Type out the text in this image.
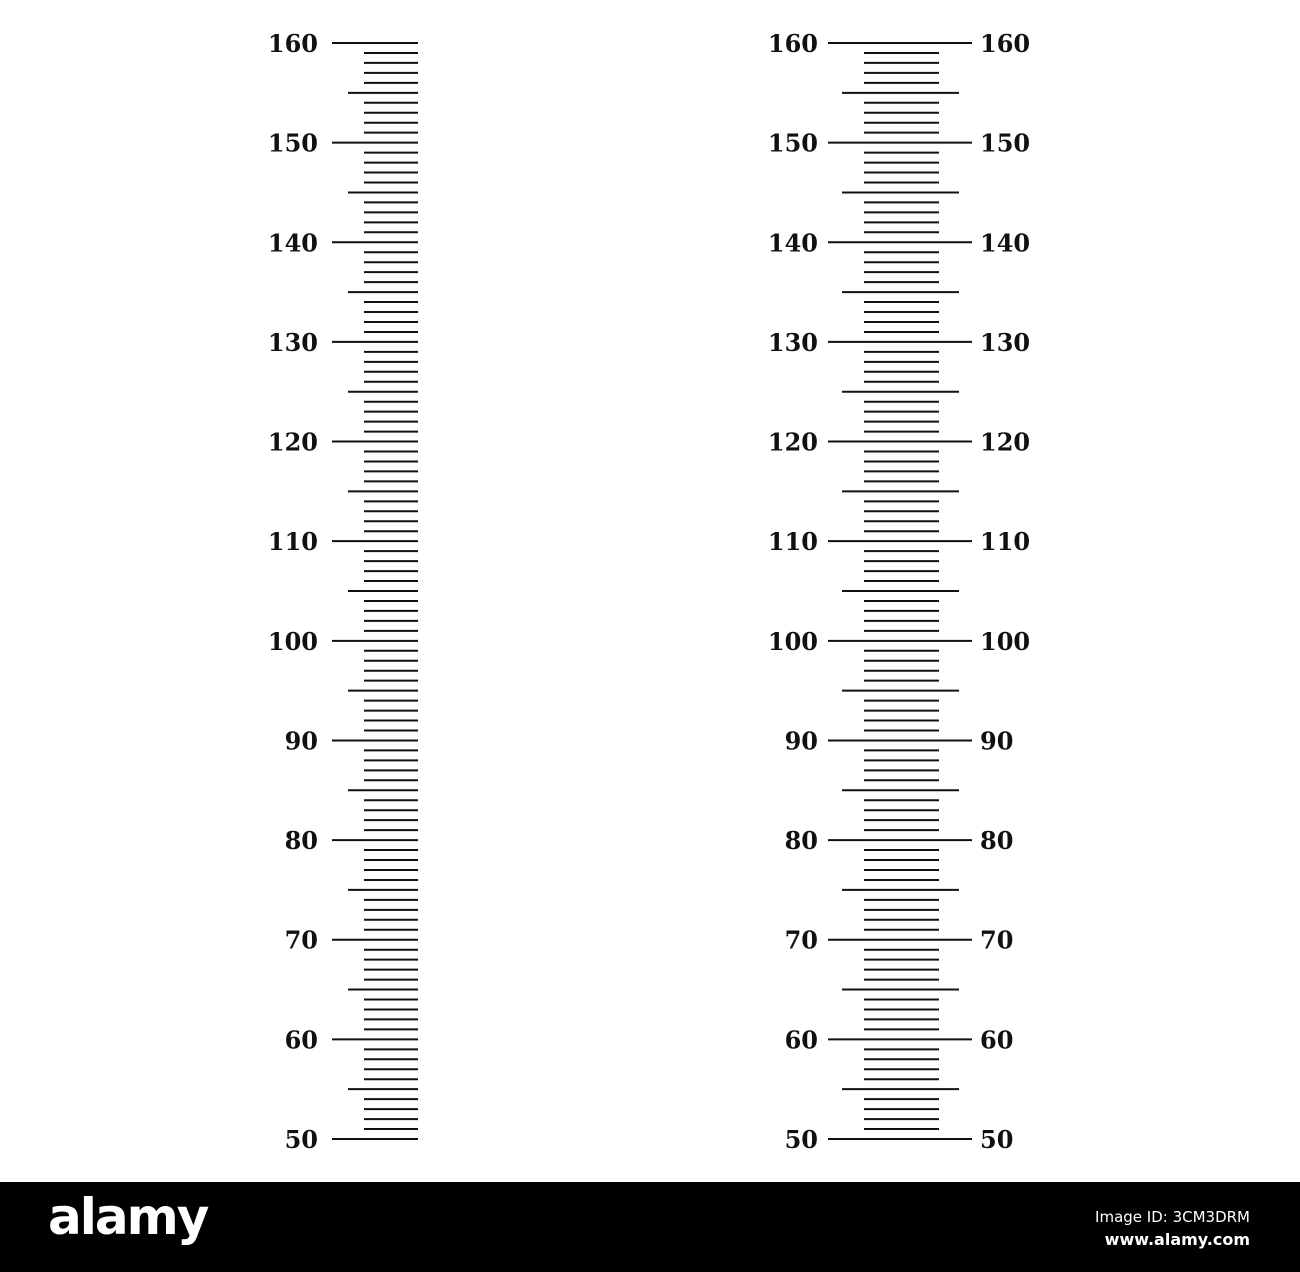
160
150
140
130
120
110
100
90
80
70
60
50
160	160
150	150
140	140
130	130
120	120
110	110
100	100
90	90
80	80
70	70
60	60
50	50
alamy	Image ID: 3CM3DRM
www.alamy.com
